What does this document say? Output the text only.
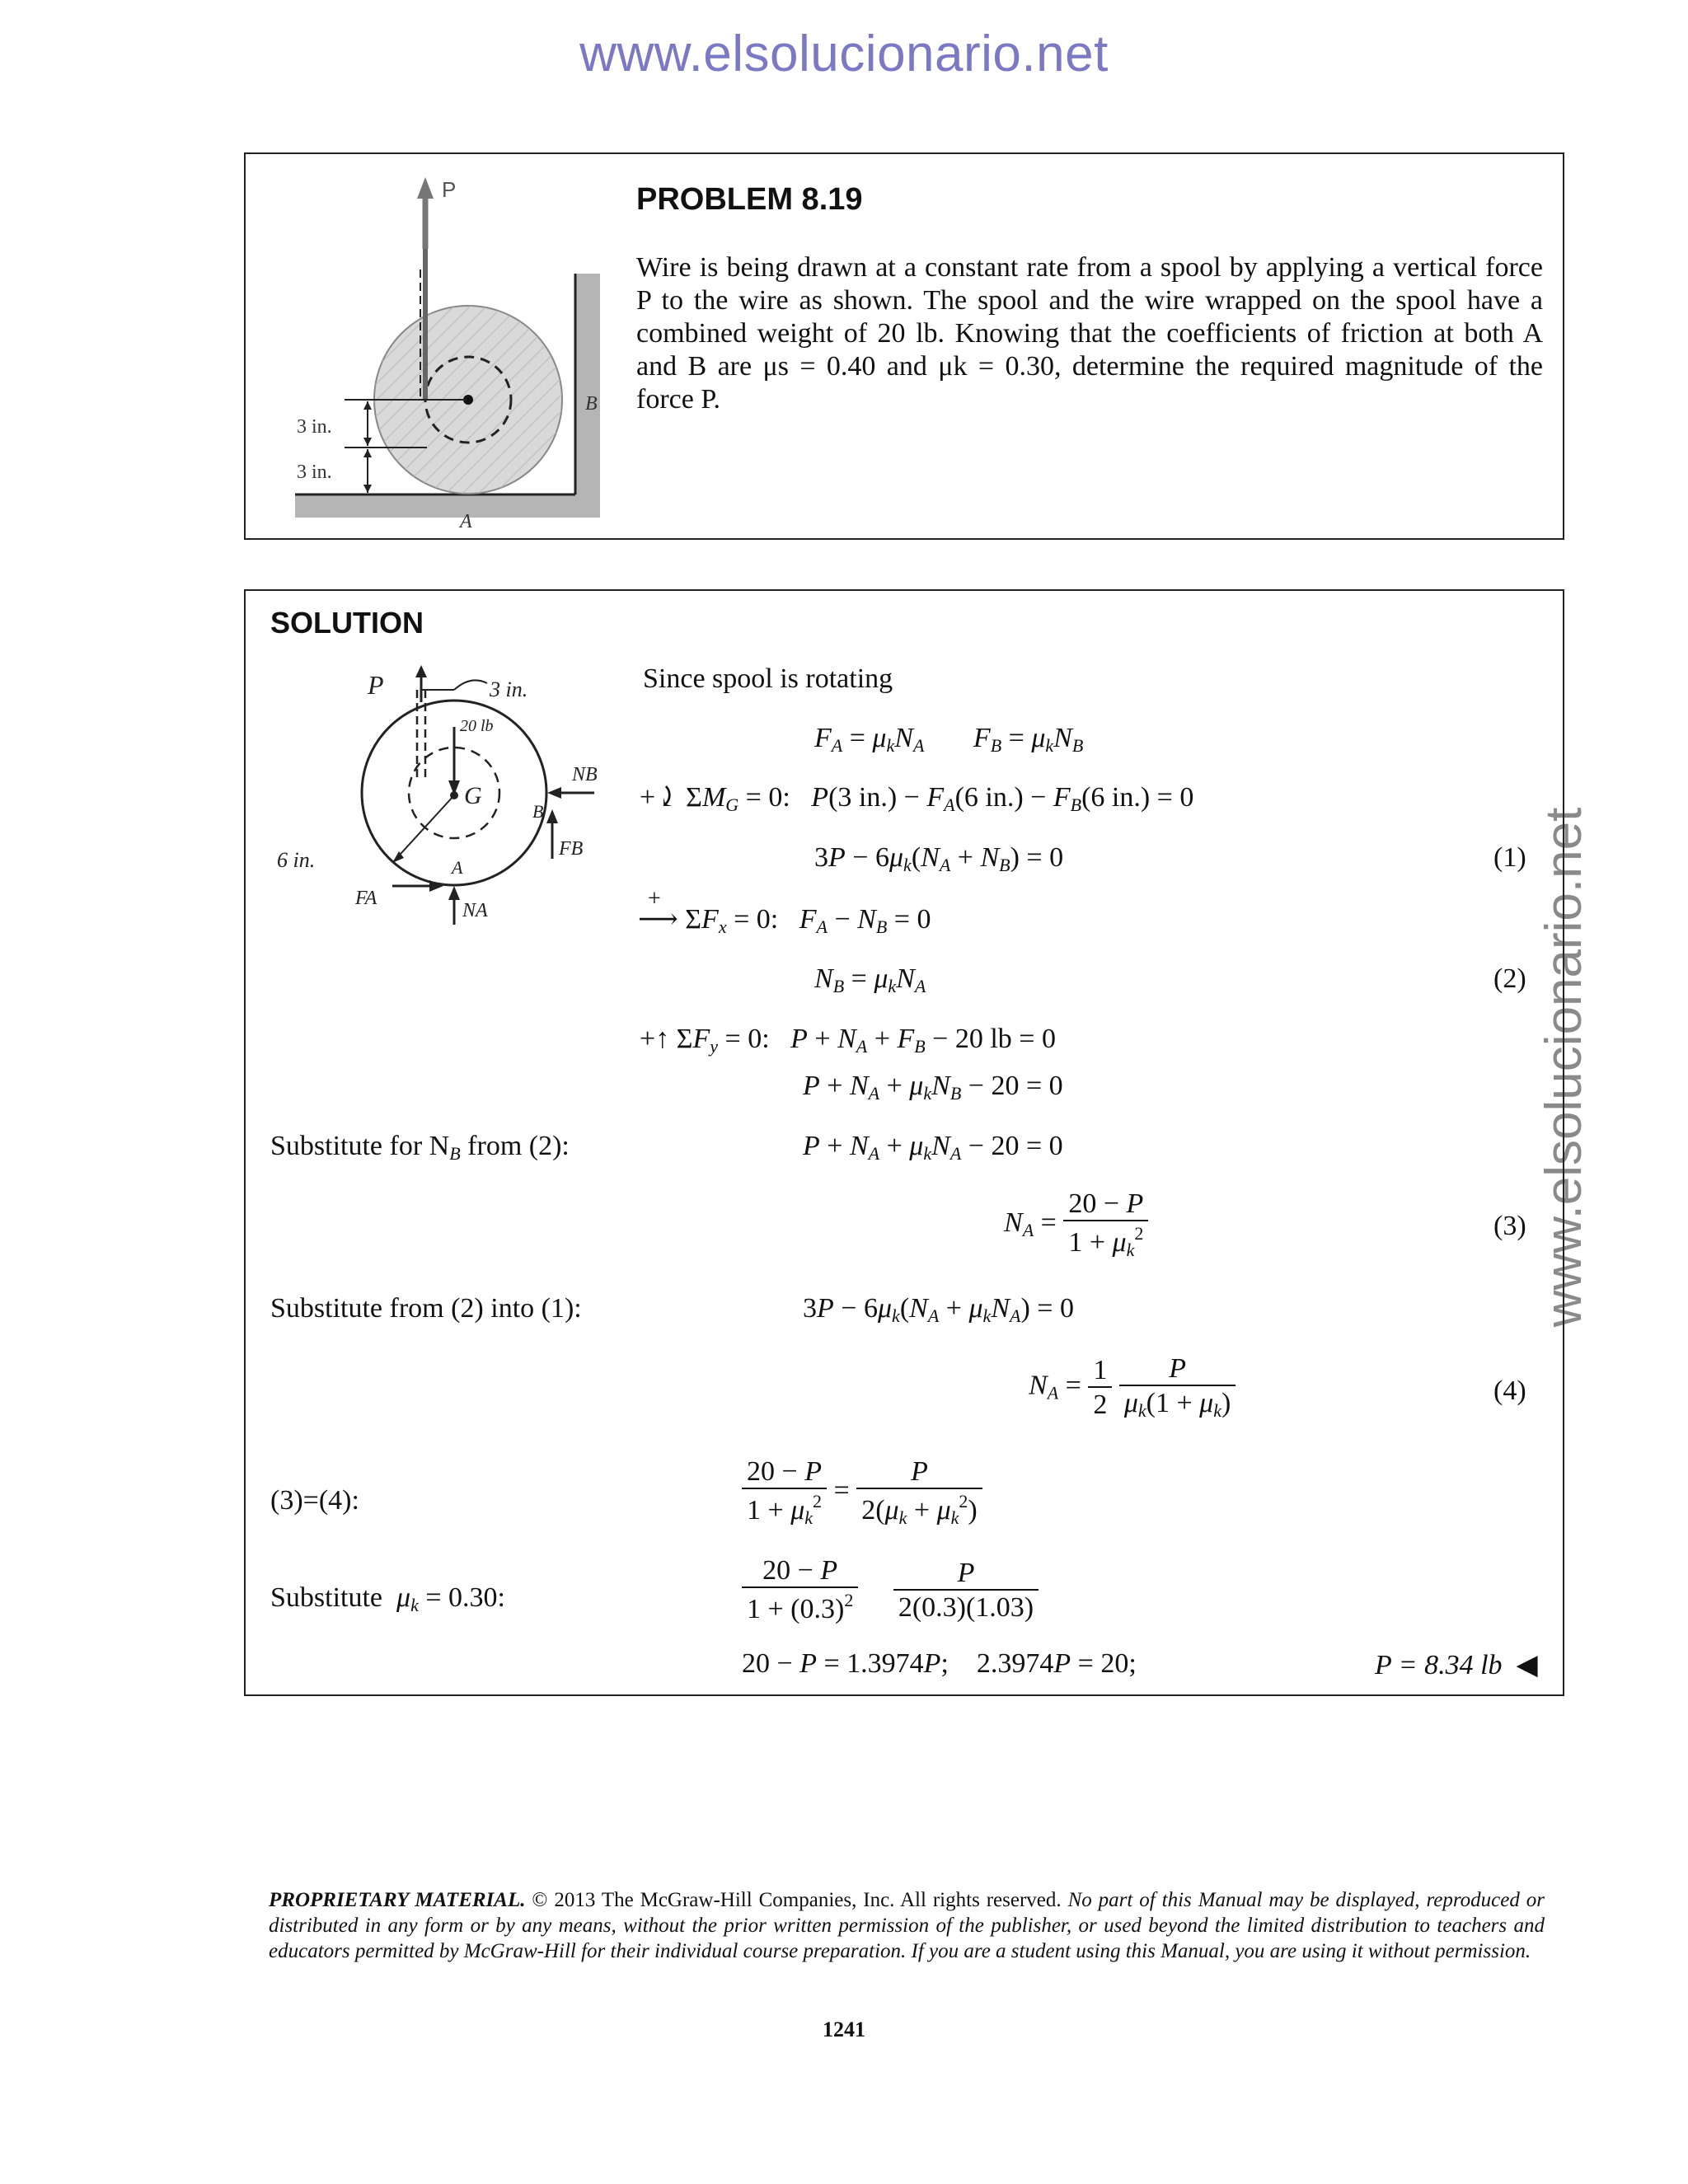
www.elsolucionario.net
www.elsolucionario.net
P
3 in.
3 in.
B
A
PROBLEM 8.19
Wire is being drawn at a constant rate from a spool by applying a vertical force P to the wire as shown. The spool and the wire wrapped on the spool have a combined weight of 20 lb. Knowing that the coefficients of friction at both A and B are μs = 0.40 and μk = 0.30, determine the required magnitude of the force P.
SOLUTION
P	3 in.
20 lb
G
6 in.
NB
B
FB
A
FA
NA
Since spool is rotating
$F_A = \mu_kN_A$ $F_B = \mu_kN_B$
+⤸ $\Sigma M_G = 0$:   P(3 $in.) - F_A(6$ $in.) - F_B(6$ in.) = 0
$3P - 6\mu_k(N_A + N_B) = 0$	(1)
+
⟶ $\Sigma F_x = 0$:   $F_A - N_B = 0$
$N_B = \mu_kN_A$	(2)
+↑ $\Sigma F_y = 0$:   $P + N_A + F_B - 20$ lb = 0
$P + N_A + \mu_kN_B - 20 = 0$
Substitute for $N_B$ from (2):	$P + N_A + \mu_kN_A - 20 = 0$
$N_A = \frac{20 - P}{1 + \mu_k^2}$	(3)
Substitute from (2) into (1):	$3P - 6\mu_k(N_A + \mu_kN_A) = 0$
$N_A = \frac{1}{2}$
$\frac{P}{\mu_k(1 + \mu_k)}$	(4)
(3)=(4):	$\frac{20 - P}{1 + \mu_k^2} = \frac{P}{2(\mu_k + \mu_k^2)}$
Substitute $\mu_k = 0.30$:	$\frac{20 - P}{1 + (0.3)^2}$
$\frac{P}{2(0.3)(1.03)}$
20 − P = 1.3974P;    2.3974P = 20;	P = 8.34 lb  ◀
PROPRIETARY MATERIAL. © 2013 The McGraw-Hill Companies, Inc. All rights reserved. No part of this Manual may be displayed, reproduced or distributed in any form or by any means, without the prior written permission of the publisher, or used beyond the limited distribution to teachers and educators permitted by McGraw-Hill for their individual course preparation. If you are a student using this Manual, you are using it without permission.
1241
